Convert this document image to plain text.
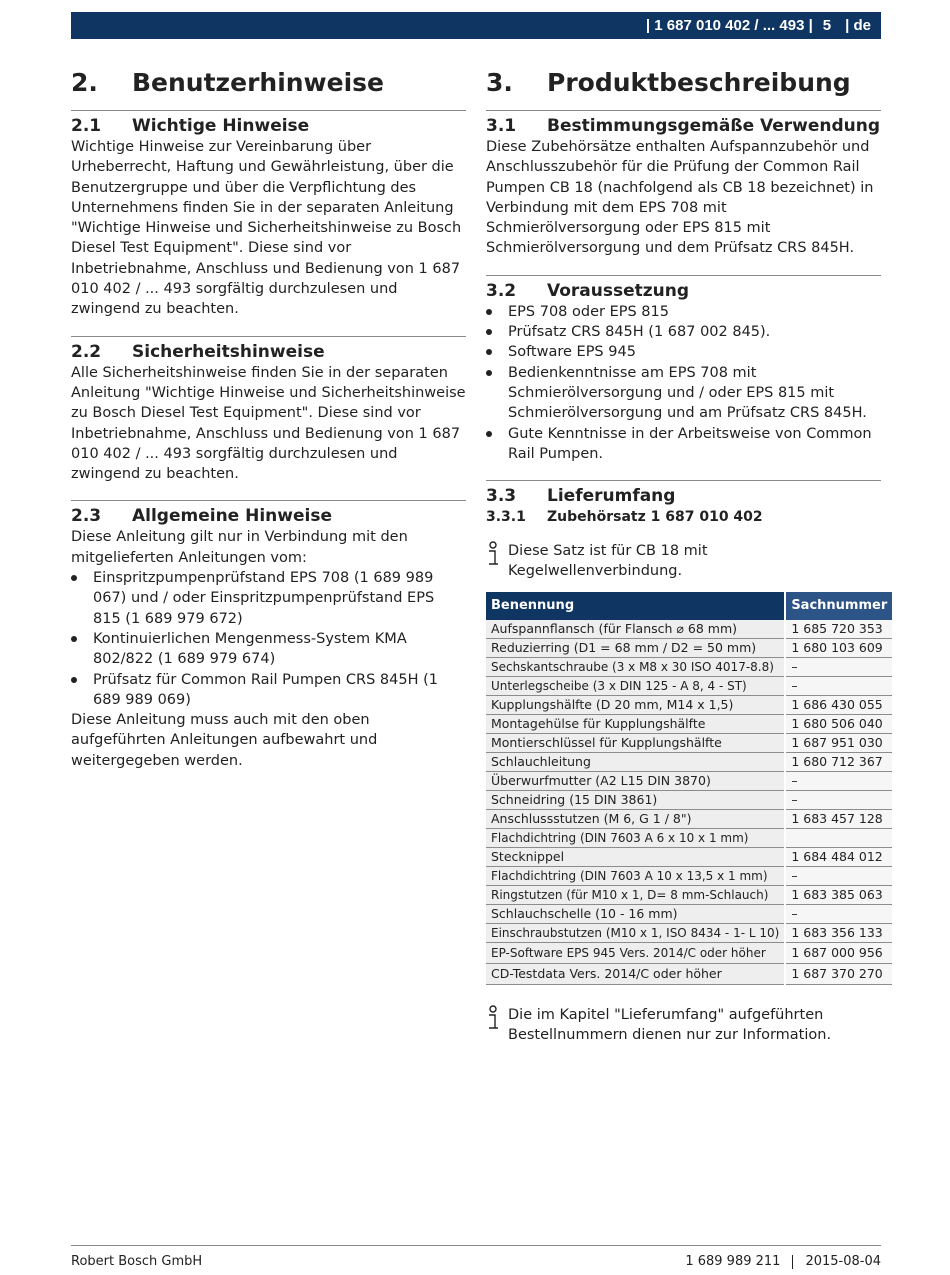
| 1 687 010 402 / ... 493 | 5 | de
2.	Benutzerhinweise
2.1	Wichtige Hinweise

Wichtige Hinweise zur Vereinbarung über Urheberrecht, Haftung und Gewährleistung, über die Benutzergruppe und über die Verpflichtung des Unternehmens finden Sie in der separaten Anleitung "Wichtige Hinweise und Sicherheitshinweise zu Bosch Diesel Test Equipment". Diese sind vor Inbetriebnahme, Anschluss und Bedienung von 1 687 010 402 / ... 493 sorgfältig durchzulesen und zwingend zu beachten.

2.2	Sicherheitshinweise

Alle Sicherheitshinweise finden Sie in der separaten Anleitung "Wichtige Hinweise und Sicherheitshinweise zu Bosch Diesel Test Equipment". Diese sind vor Inbetriebnahme, Anschluss und Bedienung von 1 687 010 402 / ... 493 sorgfältig durchzulesen und zwingend zu beachten.

2.3	Allgemeine Hinweise

Diese Anleitung gilt nur in Verbindung mit den mitgelieferten Anleitungen vom:

Einspritzpumpenprüfstand EPS 708 (1 689 989 067) und / oder Einspritzpumpenprüfstand EPS 815 (1 689 979 672)
Kontinuierlichen Mengenmess-System KMA 802/822 (1 689 979 674)
Prüfsatz für Common Rail Pumpen CRS 845H (1 689 989 069)

Diese Anleitung muss auch mit den oben aufgeführten Anleitungen aufbewahrt und weitergegeben werden.

3.	Produktbeschreibung
3.1	Bestimmungsgemäße Verwendung

Diese Zubehörsätze enthalten Aufspannzubehör und Anschlusszubehör für die Prüfung der Common Rail Pumpen CB 18 (nachfolgend als CB 18 bezeichnet) in Verbindung mit dem EPS 708 mit Schmierölversorgung oder EPS 815 mit Schmierölversorgung und dem Prüfsatz CRS 845H.

3.2	Voraussetzung
EPS 708 oder EPS 815
Prüfsatz CRS 845H (1 687 002 845).
Software EPS 945
Bedienkenntnisse am EPS 708 mit Schmierölversorgung und / oder EPS 815 mit Schmierölversorgung und am Prüfsatz CRS 845H.
Gute Kenntnisse in der Arbeitsweise von Common Rail Pumpen.
3.3	Lieferumfang
3.3.1	Zubehörsatz 1 687 010 402
Diese Satz ist für CB 18 mit Kegelwellenverbindung.
Benennung	Sachnummer
Aufspannflansch (für Flansch ⌀ 68 mm)	1 685 720 353
Reduzierring (D1 = 68 mm / D2 = 50 mm)	1 680 103 609
Sechskantschraube (3 x M8 x 30 ISO 4017-8.8)	–
Unterlegscheibe (3 x DIN 125 - A 8, 4 - ST)	–
Kupplungshälfte (D 20 mm, M14 x 1,5)	1 686 430 055
Montagehülse für Kupplungshälfte	1 680 506 040
Montierschlüssel für Kupplungshälfte	1 687 951 030
Schlauchleitung	1 680 712 367
Überwurfmutter (A2 L15 DIN 3870)	–
Schneidring (15 DIN 3861)	–
Anschlussstutzen (M 6, G 1 / 8")	1 683 457 128
Flachdichtring (DIN 7603 A 6 x 10 x 1 mm)	
Stecknippel	1 684 484 012
Flachdichtring (DIN 7603 A 10 x 13,5 x 1 mm)	–
Ringstutzen (für M10 x 1, D= 8 mm-Schlauch)	1 683 385 063
Schlauchschelle (10 - 16 mm)	–
Einschraubstutzen (M10 x 1, ISO 8434 - 1- L 10)	1 683 356 133
EP-Software EPS 945 Vers. 2014/C oder höher	1 687 000 956
CD-Testdata Vers. 2014/C oder höher	1 687 370 270
Die im Kapitel "Lieferumfang" aufgeführten Bestellnummern dienen nur zur Information.
Robert Bosch GmbH	1 689 989 211 2015-08-04
